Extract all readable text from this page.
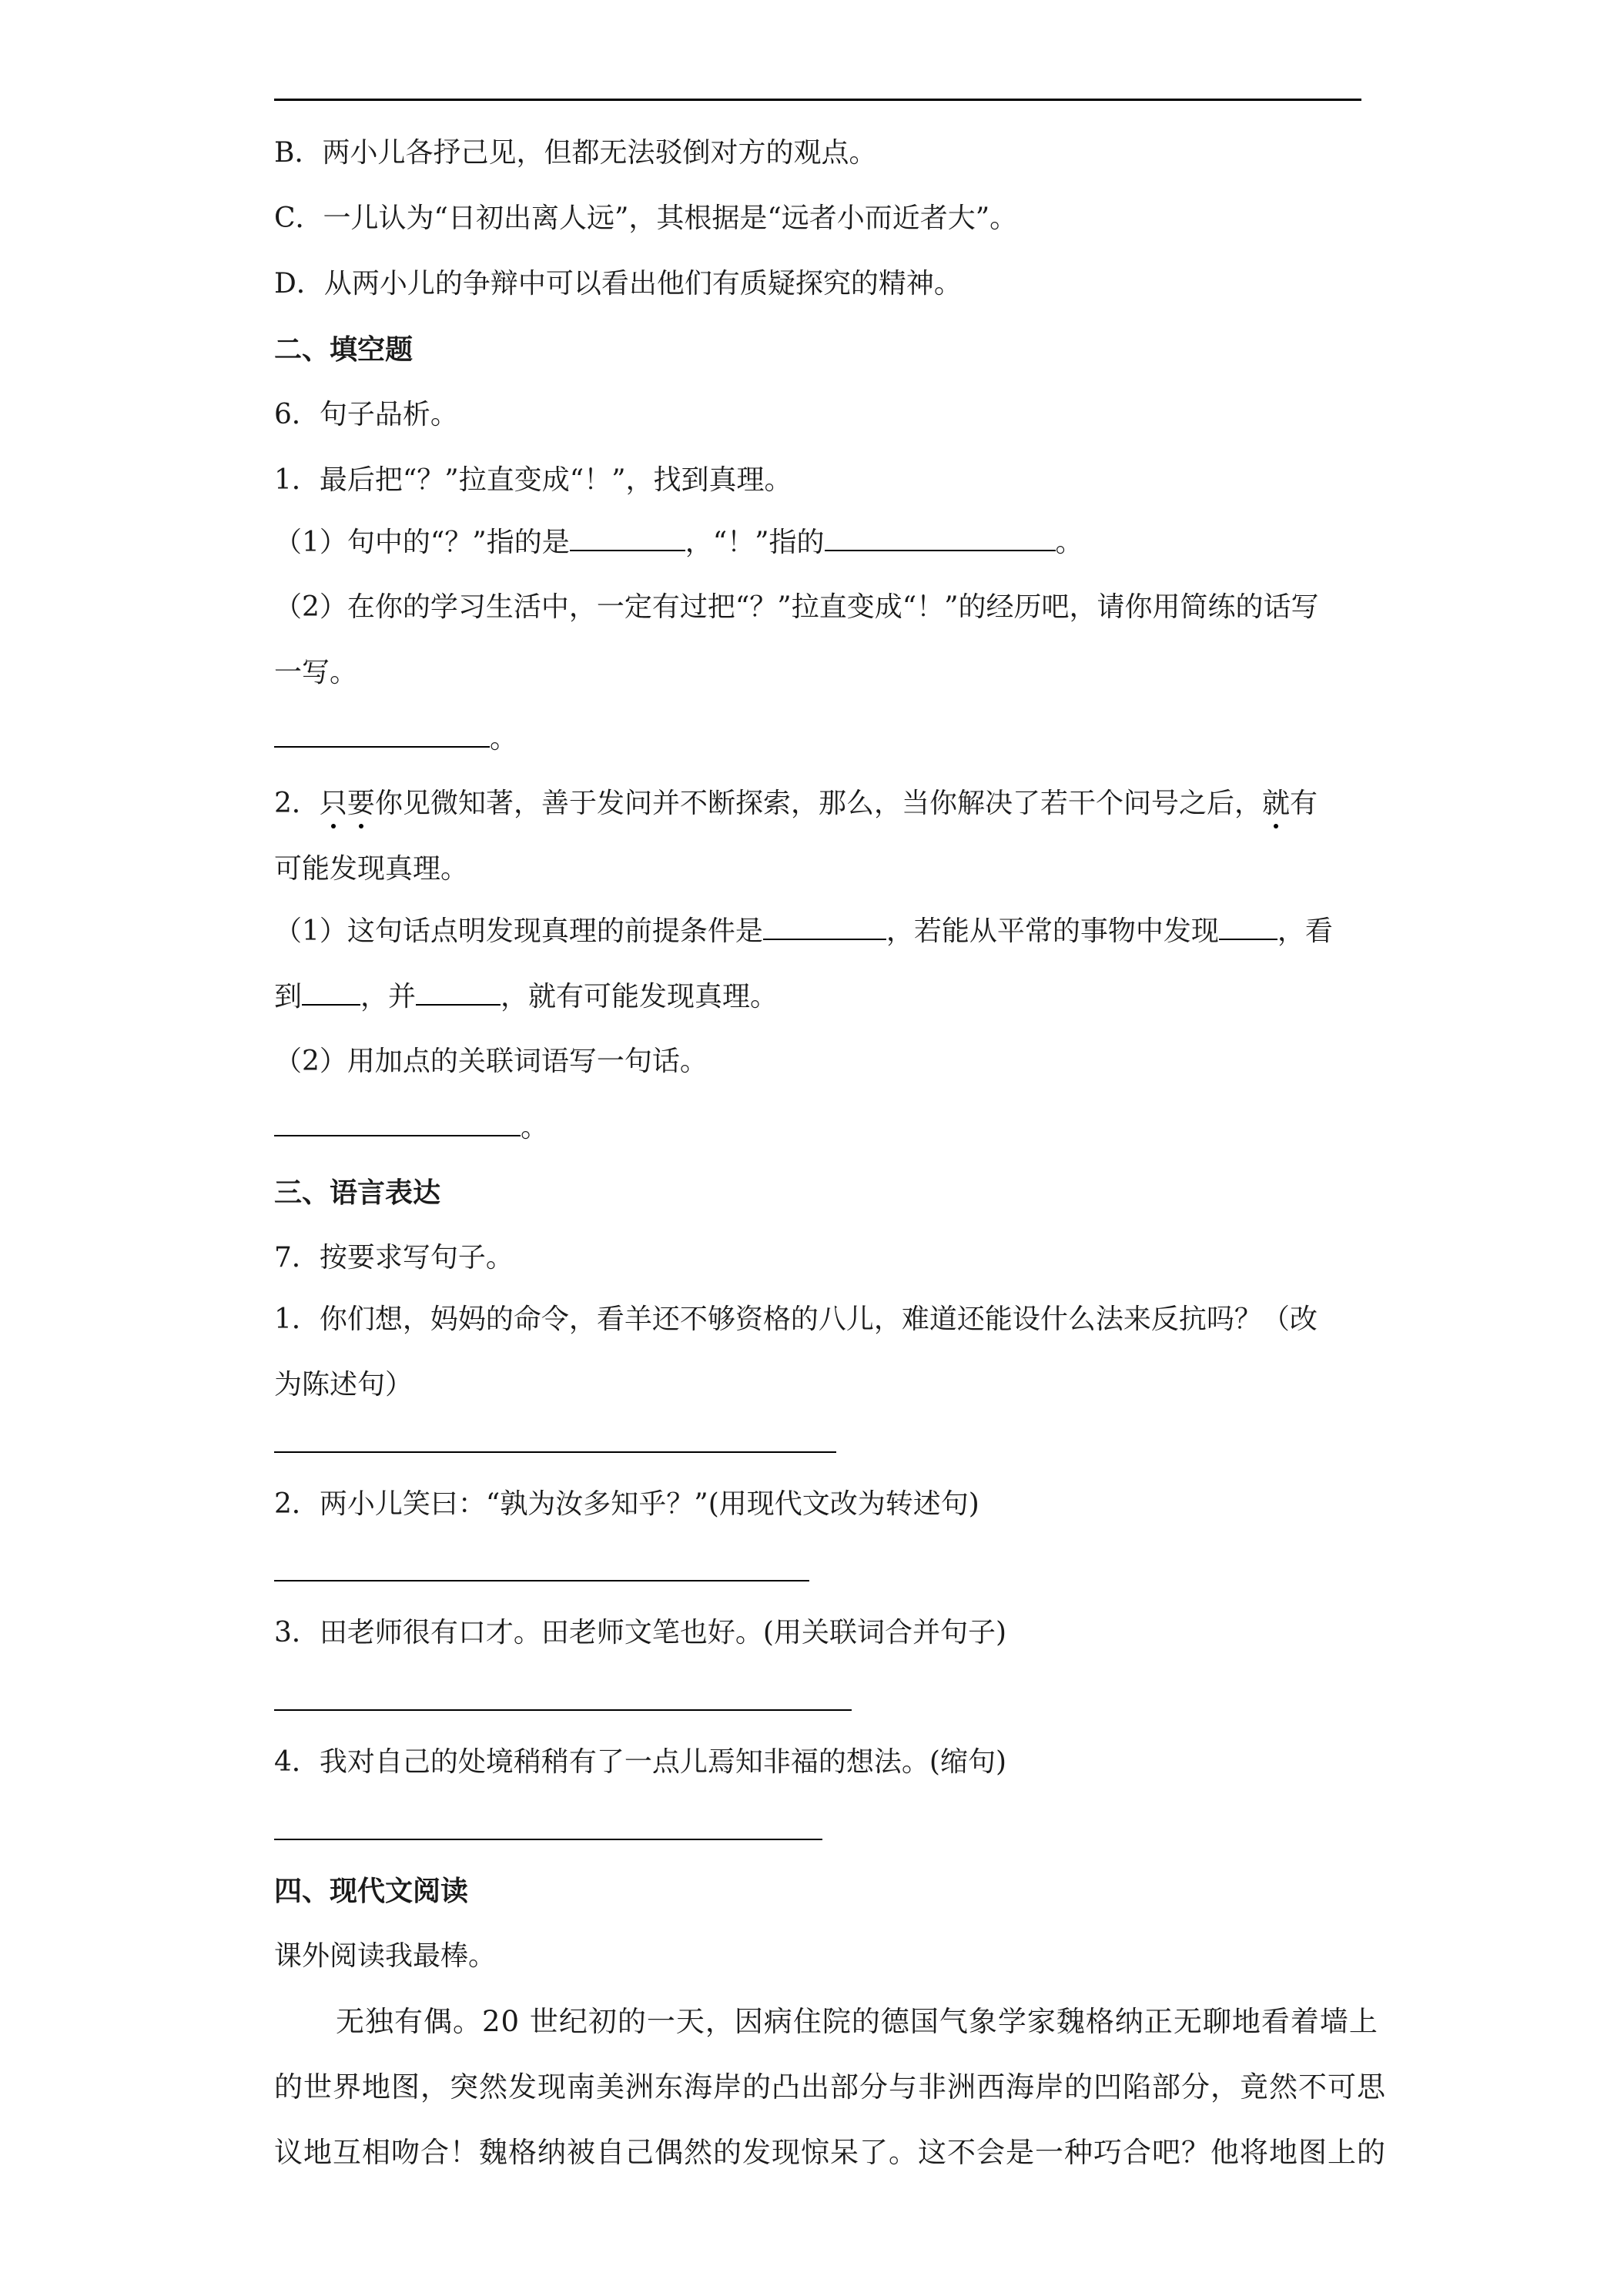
B．两小儿各抒己见，但都无法驳倒对方的观点。
C．一儿认为“日初出离人远”，其根据是“远者小而近者大”。
D．从两小儿的争辩中可以看出他们有质疑探究的精神。
二、填空题
6．句子品析。
1．最后把“？”拉直变成“！”，找到真理。
（1）句中的“？”指的是	，“！”指的	。
（2）在你的学习生活中，一定有过把“？”拉直变成“！”的经历吧，请你用简练的话写
一写。
。
2．只要你见微知著，善于发问并不断探索，那么，当你解决了若干个问号之后，就有
可能发现真理。
（1）这句话点明发现真理的前提条件是	，若能从平常的事物中发现 ，看
到 ，并	，就有可能发现真理。
（2）用加点的关联词语写一句话。
。
三、语言表达
7．按要求写句子。
1．你们想，妈妈的命令，看羊还不够资格的八儿，难道还能设什么法来反抗吗？（改
为陈述句）
2．两小儿笑曰：“孰为汝多知乎？”(用现代文改为转述句)
3．田老师很有口才。田老师文笔也好。(用关联词合并句子)
4．我对自己的处境稍稍有了一点儿焉知非福的想法。(缩句)
四、现代文阅读
课外阅读我最棒。
无独有偶。20 世纪初的一天，因病住院的德国气象学家魏格纳正无聊地看着墙上
的世界地图，突然发现南美洲东海岸的凸出部分与非洲西海岸的凹陷部分，竟然不可思
议地互相吻合！魏格纳被自己偶然的发现惊呆了。这不会是一种巧合吧？他将地图上的
